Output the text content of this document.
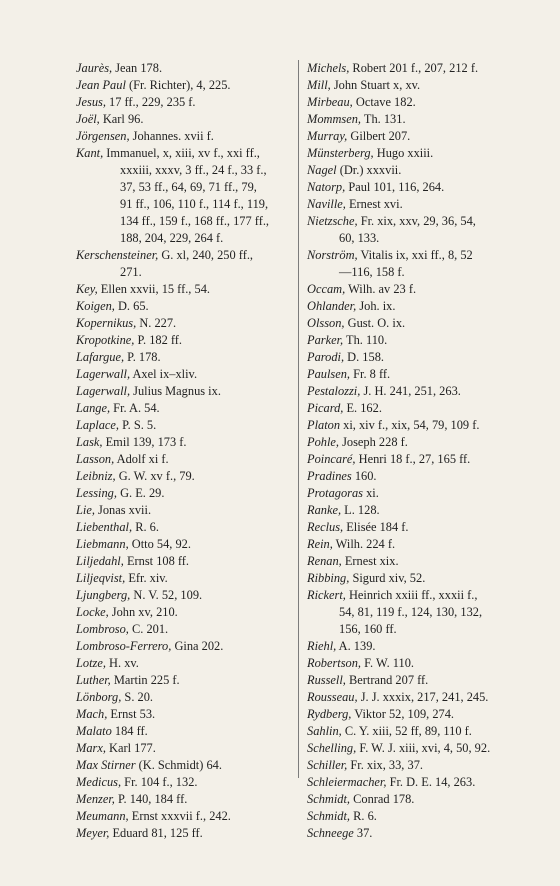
Jaurès, Jean 178.
Jean Paul (Fr. Richter), 4, 225.
Jesus, 17 ff., 229, 235 f.
Joël, Karl 96.
Jörgensen, Johannes. xvii f.
Kant, Immanuel, x, xiii, xv f., xxi ff.,
xxxiii, xxxv, 3 ff., 24 f., 33 f.,
37, 53 ff., 64, 69, 71 ff., 79,
91 ff., 106, 110 f., 114 f., 119,
134 ff., 159 f., 168 ff., 177 ff.,
188, 204, 229, 264 f.
Kerschensteiner, G. xl, 240, 250 ff.,
271.
Key, Ellen xxvii, 15 ff., 54.
Koigen, D. 65.
Kopernikus, N. 227.
Kropotkine, P. 182 ff.
Lafargue, P. 178.
Lagerwall, Axel ix–xliv.
Lagerwall, Julius Magnus ix.
Lange, Fr. A. 54.
Laplace, P. S. 5.
Lask, Emil 139, 173 f.
Lasson, Adolf xi f.
Leibniz, G. W. xv f., 79.
Lessing, G. E. 29.
Lie, Jonas xvii.
Liebenthal, R. 6.
Liebmann, Otto 54, 92.
Liljedahl, Ernst 108 ff.
Liljeqvist, Efr. xiv.
Ljungberg, N. V. 52, 109.
Locke, John xv, 210.
Lombroso, C. 201.
Lombroso-Ferrero, Gina 202.
Lotze, H. xv.
Luther, Martin 225 f.
Lönborg, S. 20.
Mach, Ernst 53.
Malato 184 ff.
Marx, Karl 177.
Max Stirner (K. Schmidt) 64.
Medicus, Fr. 104 f., 132.
Menzer, P. 140, 184 ff.
Meumann, Ernst xxxvii f., 242.
Meyer, Eduard 81, 125 ff.
Michels, Robert 201 f., 207, 212 f.
Mill, John Stuart x, xv.
Mirbeau, Octave 182.
Mommsen, Th. 131.
Murray, Gilbert 207.
Münsterberg, Hugo xxiii.
Nagel (Dr.) xxxvii.
Natorp, Paul 101, 116, 264.
Naville, Ernest xvi.
Nietzsche, Fr. xix, xxv, 29, 36, 54,
60, 133.
Norström, Vitalis ix, xxi ff., 8, 52
—116, 158 f.
Occam, Wilh. av 23 f.
Ohlander, Joh. ix.
Olsson, Gust. O. ix.
Parker, Th. 110.
Parodi, D. 158.
Paulsen, Fr. 8 ff.
Pestalozzi, J. H. 241, 251, 263.
Picard, E. 162.
Platon xi, xiv f., xix, 54, 79, 109 f.
Pohle, Joseph 228 f.
Poincaré, Henri 18 f., 27, 165 ff.
Pradines 160.
Protagoras xi.
Ranke, L. 128.
Reclus, Elisée 184 f.
Rein, Wilh. 224 f.
Renan, Ernest xix.
Ribbing, Sigurd xiv, 52.
Rickert, Heinrich xxiii ff., xxxii f.,
54, 81, 119 f., 124, 130, 132,
156, 160 ff.
Riehl, A. 139.
Robertson, F. W. 110.
Russell, Bertrand 207 ff.
Rousseau, J. J. xxxix, 217, 241, 245.
Rydberg, Viktor 52, 109, 274.
Sahlin, C. Y. xiii, 52 ff, 89, 110 f.
Schelling, F. W. J. xiii, xvi, 4, 50, 92.
Schiller, Fr. xix, 33, 37.
Schleiermacher, Fr. D. E. 14, 263.
Schmidt, Conrad 178.
Schmidt, R. 6.
Schneege 37.
